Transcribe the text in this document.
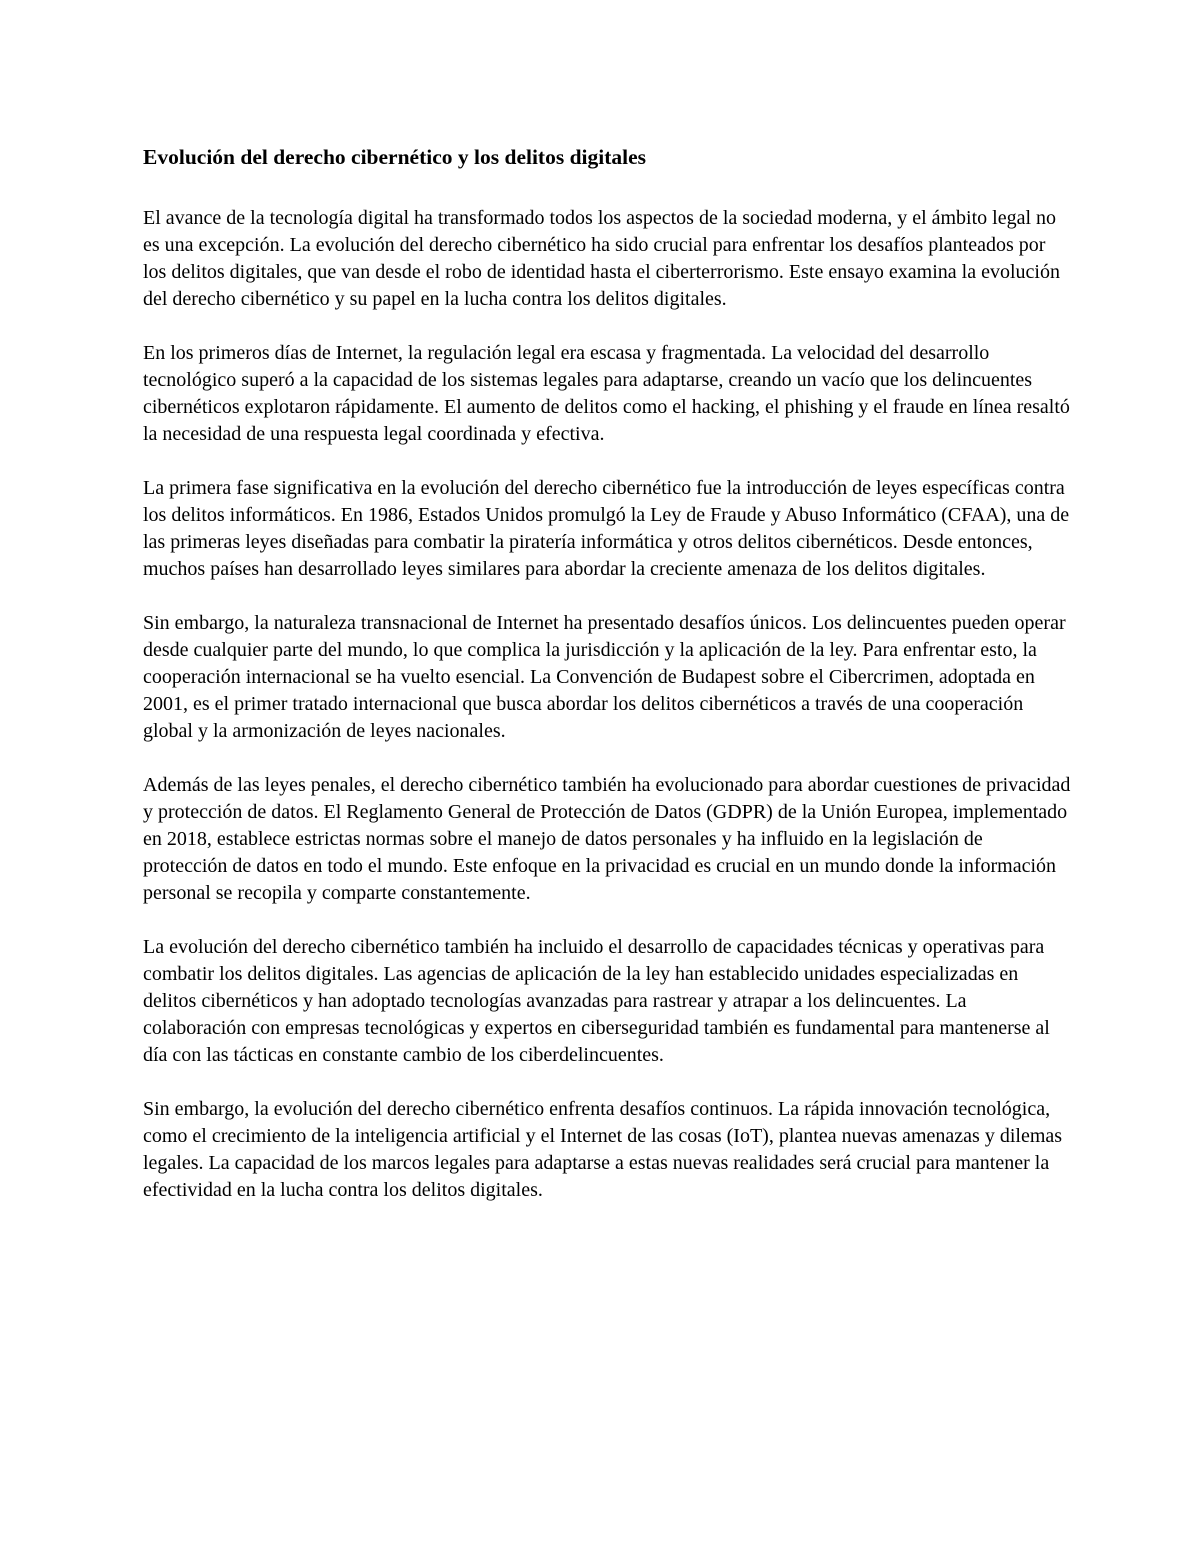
Evolución del derecho cibernético y los delitos digitales

El avance de la tecnología digital ha transformado todos los aspectos de la sociedad moderna, y el ámbito legal no es una excepción. La evolución del derecho cibernético ha sido crucial para enfrentar los desafíos planteados por los delitos digitales, que van desde el robo de identidad hasta el ciberterrorismo. Este ensayo examina la evolución del derecho cibernético y su papel en la lucha contra los delitos digitales.

En los primeros días de Internet, la regulación legal era escasa y fragmentada. La velocidad del desarrollo tecnológico superó a la capacidad de los sistemas legales para adaptarse, creando un vacío que los delincuentes cibernéticos explotaron rápidamente. El aumento de delitos como el hacking, el phishing y el fraude en línea resaltó la necesidad de una respuesta legal coordinada y efectiva.

La primera fase significativa en la evolución del derecho cibernético fue la introducción de leyes específicas contra los delitos informáticos. En 1986, Estados Unidos promulgó la Ley de Fraude y Abuso Informático (CFAA), una de las primeras leyes diseñadas para combatir la piratería informática y otros delitos cibernéticos. Desde entonces, muchos países han desarrollado leyes similares para abordar la creciente amenaza de los delitos digitales.

Sin embargo, la naturaleza transnacional de Internet ha presentado desafíos únicos. Los delincuentes pueden operar desde cualquier parte del mundo, lo que complica la jurisdicción y la aplicación de la ley. Para enfrentar esto, la cooperación internacional se ha vuelto esencial. La Convención de Budapest sobre el Cibercrimen, adoptada en 2001, es el primer tratado internacional que busca abordar los delitos cibernéticos a través de una cooperación global y la armonización de leyes nacionales.

Además de las leyes penales, el derecho cibernético también ha evolucionado para abordar cuestiones de privacidad y protección de datos. El Reglamento General de Protección de Datos (GDPR) de la Unión Europea, implementado en 2018, establece estrictas normas sobre el manejo de datos personales y ha influido en la legislación de protección de datos en todo el mundo. Este enfoque en la privacidad es crucial en un mundo donde la información personal se recopila y comparte constantemente.

La evolución del derecho cibernético también ha incluido el desarrollo de capacidades técnicas y operativas para combatir los delitos digitales. Las agencias de aplicación de la ley han establecido unidades especializadas en delitos cibernéticos y han adoptado tecnologías avanzadas para rastrear y atrapar a los delincuentes. La colaboración con empresas tecnológicas y expertos en ciberseguridad también es fundamental para mantenerse al día con las tácticas en constante cambio de los ciberdelincuentes.

Sin embargo, la evolución del derecho cibernético enfrenta desafíos continuos. La rápida innovación tecnológica, como el crecimiento de la inteligencia artificial y el Internet de las cosas (IoT), plantea nuevas amenazas y dilemas legales. La capacidad de los marcos legales para adaptarse a estas nuevas realidades será crucial para mantener la efectividad en la lucha contra los delitos digitales.
